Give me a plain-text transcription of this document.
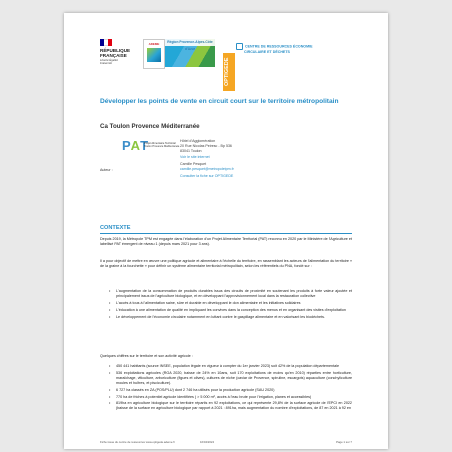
RÉPUBLIQUE FRANÇAISE
Liberté Égalité Fraternité
ADEME	Région Provence-Alpes-Côte d'Azur
OPTIGEDE
CENTRE DE RESSOURCES ÉCONOMIE
CIRCULAIRE ET DÉCHETS
Développer les points de vente en circuit court sur le territoire métropolitain
Ca Toulon Provence Méditerranée
PAT
Projet Alimentaire Territorial Toulon Provence Méditerranée
Auteur :
Hôtel d'Agglomération
20 Rue Nicolas Peiresc - Bp 536
83041 Toulon
Voir le site internet
Camille Pesquet
camille.pesquet@metropoletpm.fr
Consulter la fiche sur OPTIGEDE
CONTEXTE
Depuis 2019, la Métropole TPM est engagée dans l'élaboration d'un Projet Alimentaire Territorial (PAT) reconnu en 2020 par le Ministère de l'Agriculture et labellisé PAT émergent de niveau 1 (depuis mars 2021 pour 3 ans).
Il a pour objectif de mettre en œuvre une politique agricole et alimentaire à l'échelle du territoire, en rassemblant les acteurs de l'alimentation du territoire « de la graine à la fourchette » pour définir un système alimentaire territorial métropolitain, selon les référentiels du PNA, fondé sur :
• L'augmentation de la consommation de produits durables issus des circuits de proximité en soutenant les produits à forte valeur ajoutée et principalement issus de l'agriculture biologique, et en développant l'approvisionnement local dans la restauration collective
• L'accès à tous à l'alimentation saine, sûre et durable en développant le don alimentaire et les initiatives solidaires
• L'éducation à une alimentation de qualité en impliquant les convives dans la conception des menus et en organisant des visites d'exploitation
• Le développement de l'économie circulaire notamment en luttant contre le gaspillage alimentaire et en valorisant les biodéchets.
Quelques chiffres sur le territoire et son activité agricole :
• 450 441 habitants (source INSEE, population légale en vigueur à compter du 1er janvier 2023) soit 42% de la population départementale
• 536 exploitations agricoles (RGA 2020, baisse de 24% en 10ans, soit 170 exploitations de moins qu'en 2010) réparties entre horticulture, maraîchage, viticulture, arboriculture (figues et olives), cultures de niche (caviar de Provence, spiruline, escargots) aquaculture (conchyliculture moules et huîtres, et pisciculture).
• 6 727 ha classés en ZA (POS/PLU) dont 2 746 ha utilisés pour la production agricole (SAU 2020)
• 770 ha de friches à potentiel agricole identifiées ( > 5 000 m², accès à l'eau brute pour l'irrigation, planes et accessibles)
• 819ha en agriculture biologique sur le territoire répartis en 92 exploitations, ce qui représente 29,8% de la surface agricole de l'EPCI en 2022 (baisse de la surface en agriculture biologique par rapport à 2021 : 891ha, mais augmentation du nombre d'exploitations, de 87 en 2021 à 92 en
Fiche issue du centre de ressources www.optigede.ademe.fr	16/04/2024	Page 1 sur 7
